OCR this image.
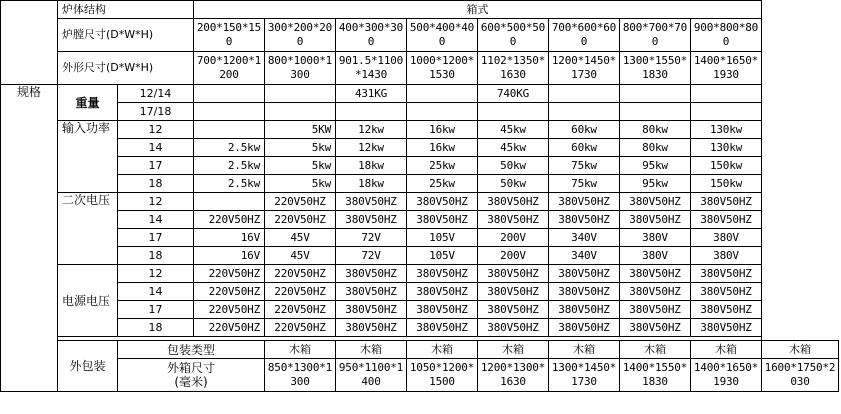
	炉体结构		箱式								
	炉膛尺寸(D*W*H)		200*150*150	300*200*200	400*300*300	500*400*400	600*500*500	700*600*600	800*700*700	900*800*800	
	外形尺寸(D*W*H)		700*1200*1200	800*1000*1300	901.5*1100*1430	1000*1200*1530	1102*1350*1630	1200*1450*1730	1300*1550*1830	1400*1650*1930	
规格	重量	12/14			431KG		740KG				
		17/18									
	输入功率	12		5KW	12kw	16kw	45kw	60kw	80kw	130kw	
		14	2.5kw	5kw	12kw	16kw	45kw	60kw	80kw	130kw	
		17	2.5kw	5kw	18kw	25kw	50kw	75kw	95kw	150kw	
		18	2.5kw	5kw	18kw	25kw	50kw	75kw	95kw	150kw	
	二次电压	12		220V50HZ	380V50HZ	380V50HZ	380V50HZ	380V50HZ	380V50HZ	380V50HZ	
		14	220V50HZ	220V50HZ	380V50HZ	380V50HZ	380V50HZ	380V50HZ	380V50HZ	380V50HZ	
		17	16V	45V	72V	105V	200V	340V	380V	380V	
		18	16V	45V	72V	105V	200V	340V	380V	380V	
	电源电压	12	220V50HZ	220V50HZ	380V50HZ	380V50HZ	380V50HZ	380V50HZ	380V50HZ	380V50HZ	
		14	220V50HZ	220V50HZ	380V50HZ	380V50HZ	380V50HZ	380V50HZ	380V50HZ	380V50HZ	
		17	220V50HZ	220V50HZ	380V50HZ	380V50HZ	380V50HZ	380V50HZ	380V50HZ	380V50HZ	
		18	220V50HZ	220V50HZ	380V50HZ	380V50HZ	380V50HZ	380V50HZ	380V50HZ	380V50HZ	

	外包装	包装类型		木箱	木箱	木箱	木箱	木箱	木箱	木箱	木箱
		外箱尺寸
(毫米)		850*1300*1300	950*1100*1400	1050*1200*1500	1200*1300*1630	1300*1450*1730	1400*1550*1830	1400*1650*1930	1600*1750*2030
